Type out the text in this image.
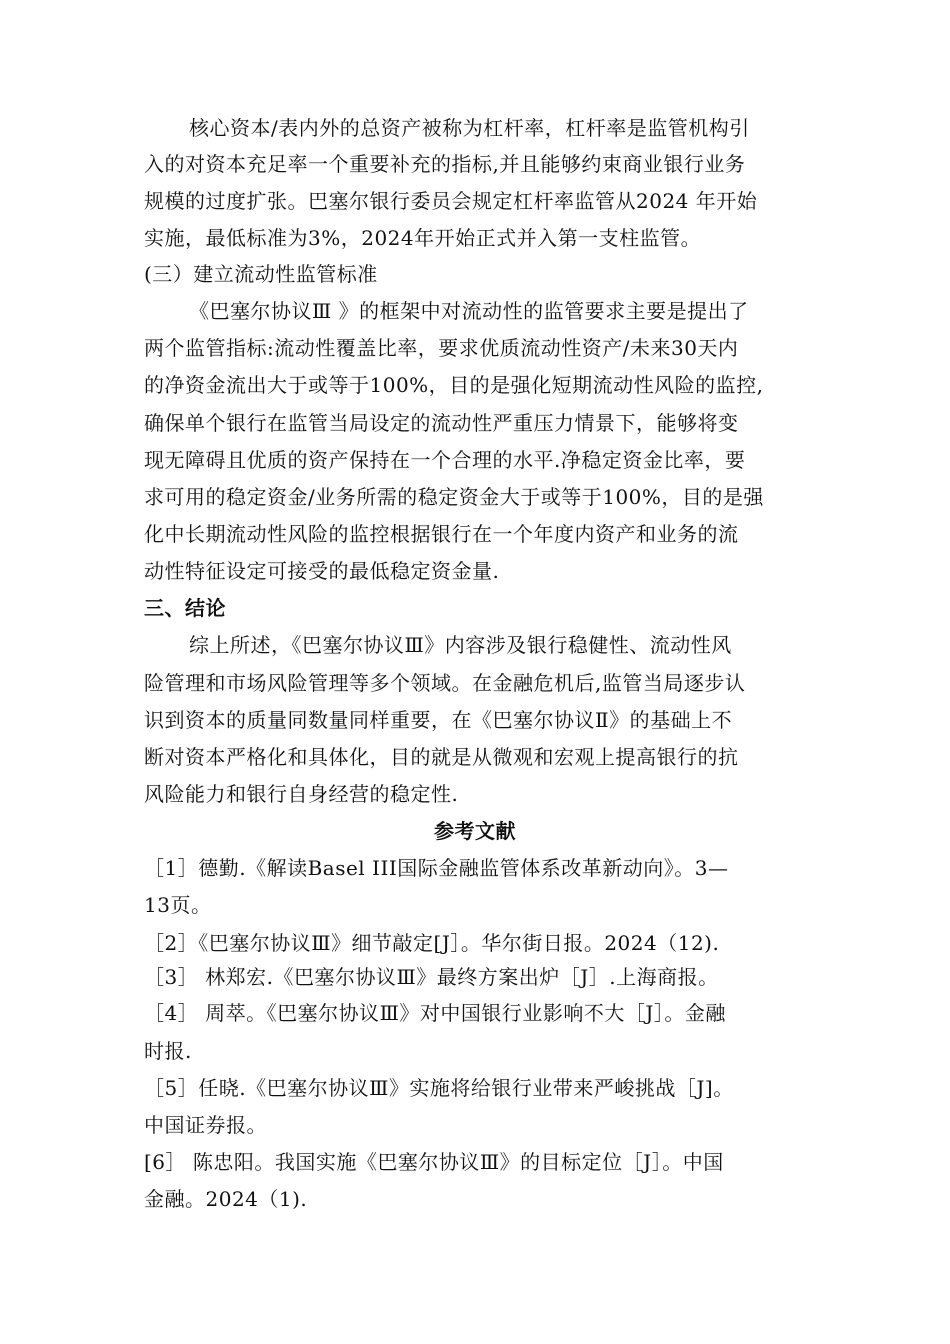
核心资本/表内外的总资产被称为杠杆率，杠杆率是监管机构引
入的对资本充足率一个重要补充的指标,并且能够约束商业银行业务
规模的过度扩张。巴塞尔银行委员会规定杠杆率监管从2024 年开始
实施，最低标准为3%，2024年开始正式并入第一支柱监管。
(三）建立流动性监管标准
《巴塞尔协议Ⅲ 》的框架中对流动性的监管要求主要是提出了
两个监管指标:流动性覆盖比率，要求优质流动性资产/未来30天内
的净资金流出大于或等于100%，目的是强化短期流动性风险的监控,
确保单个银行在监管当局设定的流动性严重压力情景下，能够将变
现无障碍且优质的资产保持在一个合理的水平.净稳定资金比率，要
求可用的稳定资金/业务所需的稳定资金大于或等于100%，目的是强
化中长期流动性风险的监控根据银行在一个年度内资产和业务的流
动性特征设定可接受的最低稳定资金量.
三、结论
综上所述，《巴塞尔协议Ⅲ》内容涉及银行稳健性、流动性风
险管理和市场风险管理等多个领域。在金融危机后,监管当局逐步认
识到资本的质量同数量同样重要，在《巴塞尔协议Ⅱ》的基础上不
断对资本严格化和具体化，目的就是从微观和宏观上提高银行的抗
风险能力和银行自身经营的稳定性.
参考文献
［1］德勤.《解读Basel III国际金融监管体系改革新动向》。3—
13页。
［2］《巴塞尔协议Ⅲ》细节敲定[J］。华尔街日报。2024（12).
［3］ 林郑宏.《巴塞尔协议Ⅲ》最终方案出炉［J］.上海商报。
［4］ 周萃。《巴塞尔协议Ⅲ》对中国银行业影响不大［J］。金融
时报.
［5］任晓.《巴塞尔协议Ⅲ》实施将给银行业带来严峻挑战［J]。
中国证券报。
[6］ 陈忠阳。我国实施《巴塞尔协议Ⅲ》的目标定位［J］。中国
金融。2024（1).
